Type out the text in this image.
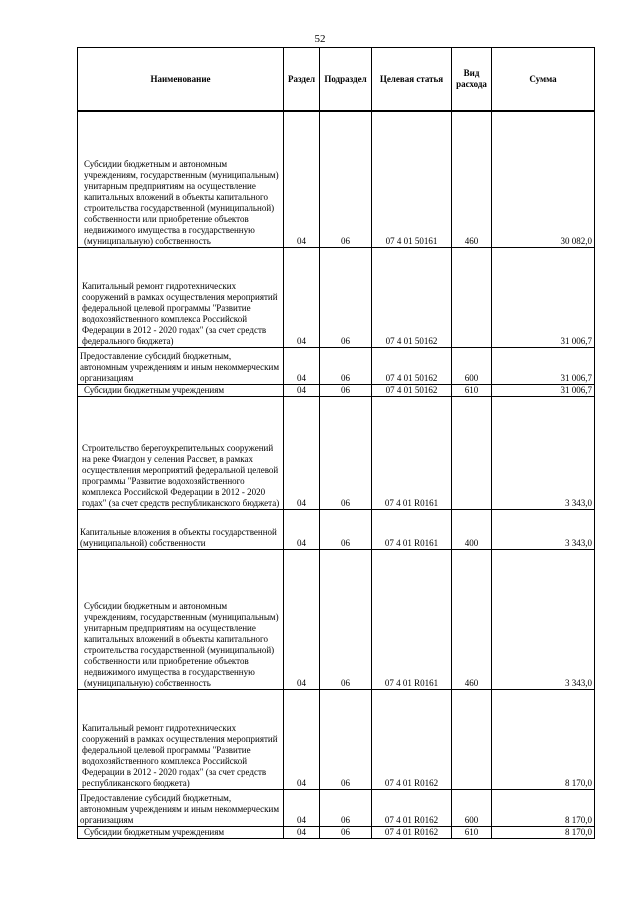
52
Наименование	Раздел	Подраздел	Целевая статья	Вид расхода	Сумма
Субсидии бюджетным и автономным учреждениям, государственным (муниципальным) унитарным предприятиям на осуществление капитальных вложений в объекты капитального строительства государственной (муниципальной) собственности или приобретение объектов недвижимого имущества в государственную (муниципальную) собственность	04	06	07 4 01 50161	460	30 082,0
Капитальный ремонт гидротехнических сооружений в рамках осуществления мероприятий федеральной целевой программы "Развитие водохозяйственного комплекса Российской Федерации в 2012 - 2020 годах" (за счет средств федерального бюджета)	04	06	07 4 01 50162		31 006,7
Предоставление субсидий бюджетным, автономным учреждениям и иным некоммерческим организациям	04	06	07 4 01 50162	600	31 006,7
Субсидии бюджетным учреждениям	04	06	07 4 01 50162	610	31 006,7
Строительство берегоукрепительных сооружений на реке Фиагдон у селения Рассвет, в рамках осуществления мероприятий федеральной целевой программы "Развитие водохозяйственного комплекса Российской Федерации в 2012 - 2020 годах" (за счет средств республиканского бюджета)	04	06	07 4 01 R0161		3 343,0
Капитальные вложения в объекты государственной (муниципальной) собственности	04	06	07 4 01 R0161	400	3 343,0
Субсидии бюджетным и автономным учреждениям, государственным (муниципальным) унитарным предприятиям на осуществление капитальных вложений в объекты капитального строительства государственной (муниципальной) собственности или приобретение объектов недвижимого имущества в государственную (муниципальную) собственность	04	06	07 4 01 R0161	460	3 343,0
Капитальный ремонт гидротехнических сооружений в рамках осуществления мероприятий федеральной целевой программы "Развитие водохозяйственного комплекса Российской Федерации в 2012 - 2020 годах" (за счет средств республиканского бюджета)	04	06	07 4 01 R0162		8 170,0
Предоставление субсидий бюджетным, автономным учреждениям и иным некоммерческим организациям	04	06	07 4 01 R0162	600	8 170,0
Субсидии бюджетным учреждениям	04	06	07 4 01 R0162	610	8 170,0
